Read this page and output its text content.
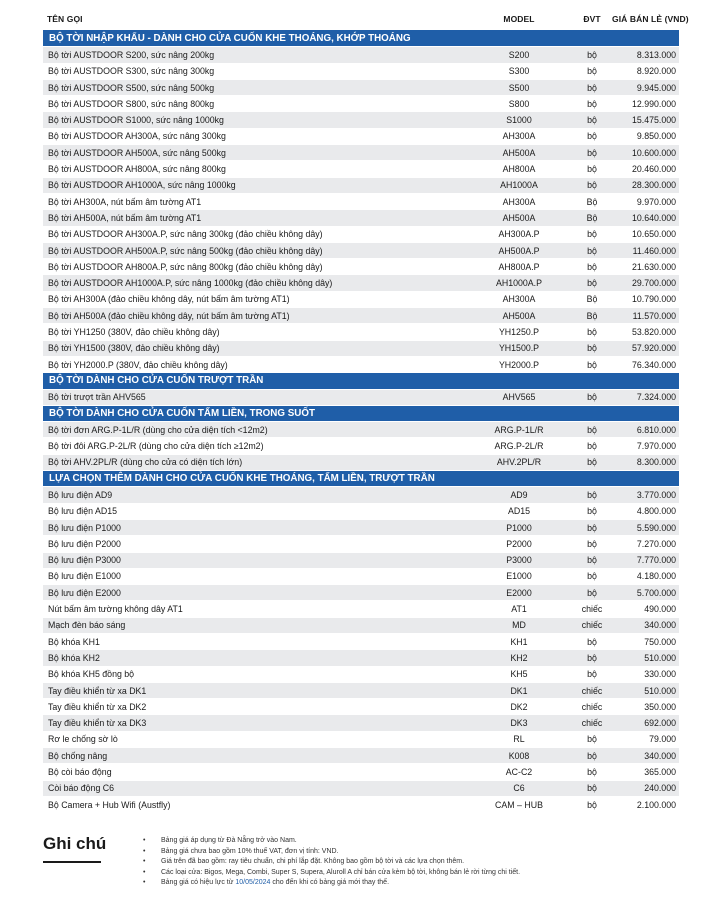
TÊN GỌI	MODEL	ĐVT	GIÁ BÁN LẺ (VND)
BỘ TỜI NHẬP KHẨU - DÀNH CHO CỬA CUỐN KHE THOÁNG, KHỚP THOÁNG
Bộ tời AUSTDOOR S200, sức nâng 200kg	S200	bộ	8.313.000
Bộ tời AUSTDOOR S300, sức nâng 300kg	S300	bộ	8.920.000
Bộ tời AUSTDOOR S500, sức nâng 500kg	S500	bộ	9.945.000
Bộ tời AUSTDOOR S800, sức nâng 800kg	S800	bộ	12.990.000
Bộ tời AUSTDOOR S1000, sức nâng 1000kg	S1000	bộ	15.475.000
Bộ tời AUSTDOOR AH300A, sức nâng 300kg	AH300A	bộ	9.850.000
Bộ tời AUSTDOOR AH500A, sức nâng 500kg	AH500A	bộ	10.600.000
Bộ tời AUSTDOOR AH800A, sức nâng 800kg	AH800A	bộ	20.460.000
Bộ tời AUSTDOOR AH1000A, sức nâng 1000kg	AH1000A	bộ	28.300.000
Bộ tời AH300A, nút bấm âm tường AT1	AH300A	Bộ	9.970.000
Bộ tời AH500A, nút bấm âm tường AT1	AH500A	Bộ	10.640.000
Bộ tời AUSTDOOR AH300A.P, sức nâng 300kg (đảo chiều không dây)	AH300A.P	bộ	10.650.000
Bộ tời AUSTDOOR AH500A.P, sức nâng 500kg (đảo chiều không dây)	AH500A.P	bộ	11.460.000
Bộ tời AUSTDOOR AH800A.P, sức nâng 800kg (đảo chiều không dây)	AH800A.P	bộ	21.630.000
Bộ tời AUSTDOOR AH1000A.P, sức nâng 1000kg (đảo chiều không dây)	AH1000A.P	bộ	29.700.000
Bộ tời AH300A (đảo chiều không dây, nút bấm âm tường AT1)	AH300A	Bộ	10.790.000
Bộ tời AH500A (đảo chiều không dây, nút bấm âm tường AT1)	AH500A	Bộ	11.570.000
Bộ tời YH1250 (380V, đảo chiều không dây)	YH1250.P	bộ	53.820.000
Bộ tời YH1500 (380V, đảo chiều không dây)	YH1500.P	bộ	57.920.000
Bộ tời YH2000.P (380V, đảo chiều không dây)	YH2000.P	bộ	76.340.000
BỘ TỜI DÀNH CHO CỬA CUỐN TRƯỢT TRẦN
Bộ tời trượt trần AHV565	AHV565	bộ	7.324.000
BỘ TỜI DÀNH CHO CỬA CUỐN TẤM LIỀN, TRONG SUỐT
Bộ tời đơn ARG.P-1L/R (dùng cho cửa diện tích <12m2)	ARG.P-1L/R	bộ	6.810.000
Bộ tời đôi ARG.P-2L/R (dùng cho cửa diện tích ≥12m2)	ARG.P-2L/R	bộ	7.970.000
Bộ tời AHV.2PL/R (dùng cho cửa có diện tích lớn)	AHV.2PL/R	bộ	8.300.000
LỰA CHỌN THÊM DÀNH CHO CỬA CUỐN KHE THOÁNG, TẤM LIỀN, TRƯỢT TRẦN
Bộ lưu điện AD9	AD9	bộ	3.770.000
Bộ lưu điện AD15	AD15	bộ	4.800.000
Bộ lưu điện P1000	P1000	bộ	5.590.000
Bộ lưu điện P2000	P2000	bộ	7.270.000
Bộ lưu điện P3000	P3000	bộ	7.770.000
Bộ lưu điện E1000	E1000	bộ	4.180.000
Bộ lưu điện E2000	E2000	bộ	5.700.000
Nút bấm âm tường không dây AT1	AT1	chiếc	490.000
Mạch đèn báo sáng	MD	chiếc	340.000
Bộ khóa KH1	KH1	bộ	750.000
Bộ khóa KH2	KH2	bộ	510.000
Bộ khóa KH5 đồng bộ	KH5	bộ	330.000
Tay điều khiển từ xa DK1	DK1	chiếc	510.000
Tay điều khiển từ xa DK2	DK2	chiếc	350.000
Tay điều khiển từ xa DK3	DK3	chiếc	692.000
Rơ le chống sờ lò	RL	bộ	79.000
Bộ chống nâng	K008	bộ	340.000
Bộ còi báo động	AC-C2	bộ	365.000
Còi báo động C6	C6	bộ	240.000
Bộ Camera + Hub Wifi (Austfly)	CAM – HUB	bộ	2.100.000
Ghi chú	• Bảng giá áp dụng từ Đà Nẵng trở vào Nam.
• Bảng giá chưa bao gồm 10% thuế VAT, đơn vị tính: VND.
• Giá trên đã bao gồm: ray tiêu chuẩn, chi phí lắp đặt. Không bao gồm bộ tời và các lựa chọn thêm.
• Các loại cửa: Bigos, Mega, Combi, Super S, Supera, Aluroll A chỉ bán cửa kèm bộ tời, không bán lẻ rời từng chi tiết.
• Bảng giá có hiệu lực từ 10/05/2024 cho đến khi có bảng giá mới thay thế.
